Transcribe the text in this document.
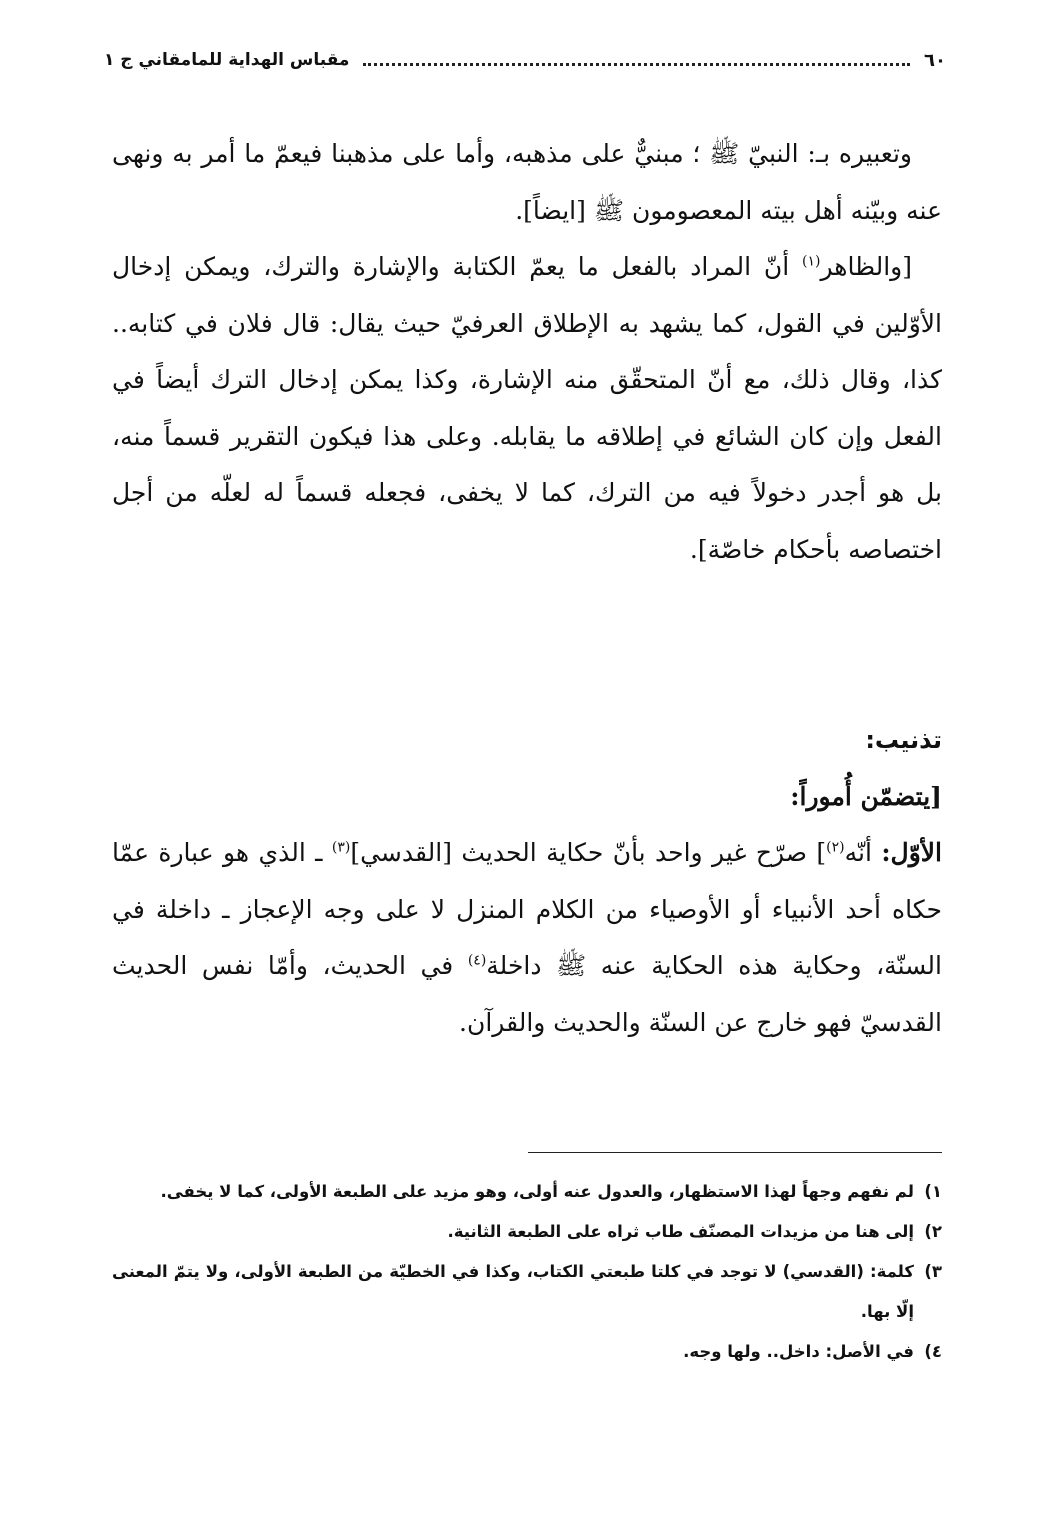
٦٠
مقباس الهداية للمامقاني ج ١

وتعبيره بـ: النبيّ ﷺ ؛ مبنيٌّ على مذهبه، وأما على مذهبنا فيعمّ ما أمر به ونهى عنه وبيّنه أهل بيته المعصومون ﷺ [ايضاً].

[والظاهر$^{(١)}$ أنّ المراد بالفعل ما يعمّ الكتابة والإشارة والترك، ويمكن إدخال الأوّلين في القول، كما يشهد به الإطلاق العرفيّ حيث يقال: قال فلان في كتابه.. كذا، وقال ذلك، مع أنّ المتحقّق منه الإشارة، وكذا يمكن إدخال الترك أيضاً في الفعل وإن كان الشائع في إطلاقه ما يقابله. وعلى هذا فيكون التقرير قسماً منه، بل هو أجدر دخولاً فيه من الترك، كما لا يخفى، فجعله قسماً له لعلّه من أجل اختصاصه بأحكام خاصّة].

تذنيب:

[يتضمّن أُموراً:

الأوّل: أنّه$^{(٢)}$] صرّح غير واحد بأنّ حكاية الحديث [القدسي]$^{(٣)}$ ـ الذي هو عبارة عمّا حكاه أحد الأنبياء أو الأوصياء من الكلام المنزل لا على وجه الإعجاز ـ داخلة في السنّة، وحكاية هذه الحكاية عنه ﷺ داخلة$^{(٤)}$ في الحديث، وأمّا نفس الحديث القدسيّ فهو خارج عن السنّة والحديث والقرآن.

١)
لم نفهم وجهاً لهذا الاستظهار، والعدول عنه أولى، وهو مزيد على الطبعة الأولى، كما لا يخفى.
٢)
إلى هنا من مزيدات المصنّف طاب ثراه على الطبعة الثانية.
٣)
كلمة: (القدسي) لا توجد في كلتا طبعتي الكتاب، وكذا في الخطيّة من الطبعة الأولى، ولا يتمّ المعنى إلّا بها.
٤)
في الأصل: داخل.. ولها وجه.
